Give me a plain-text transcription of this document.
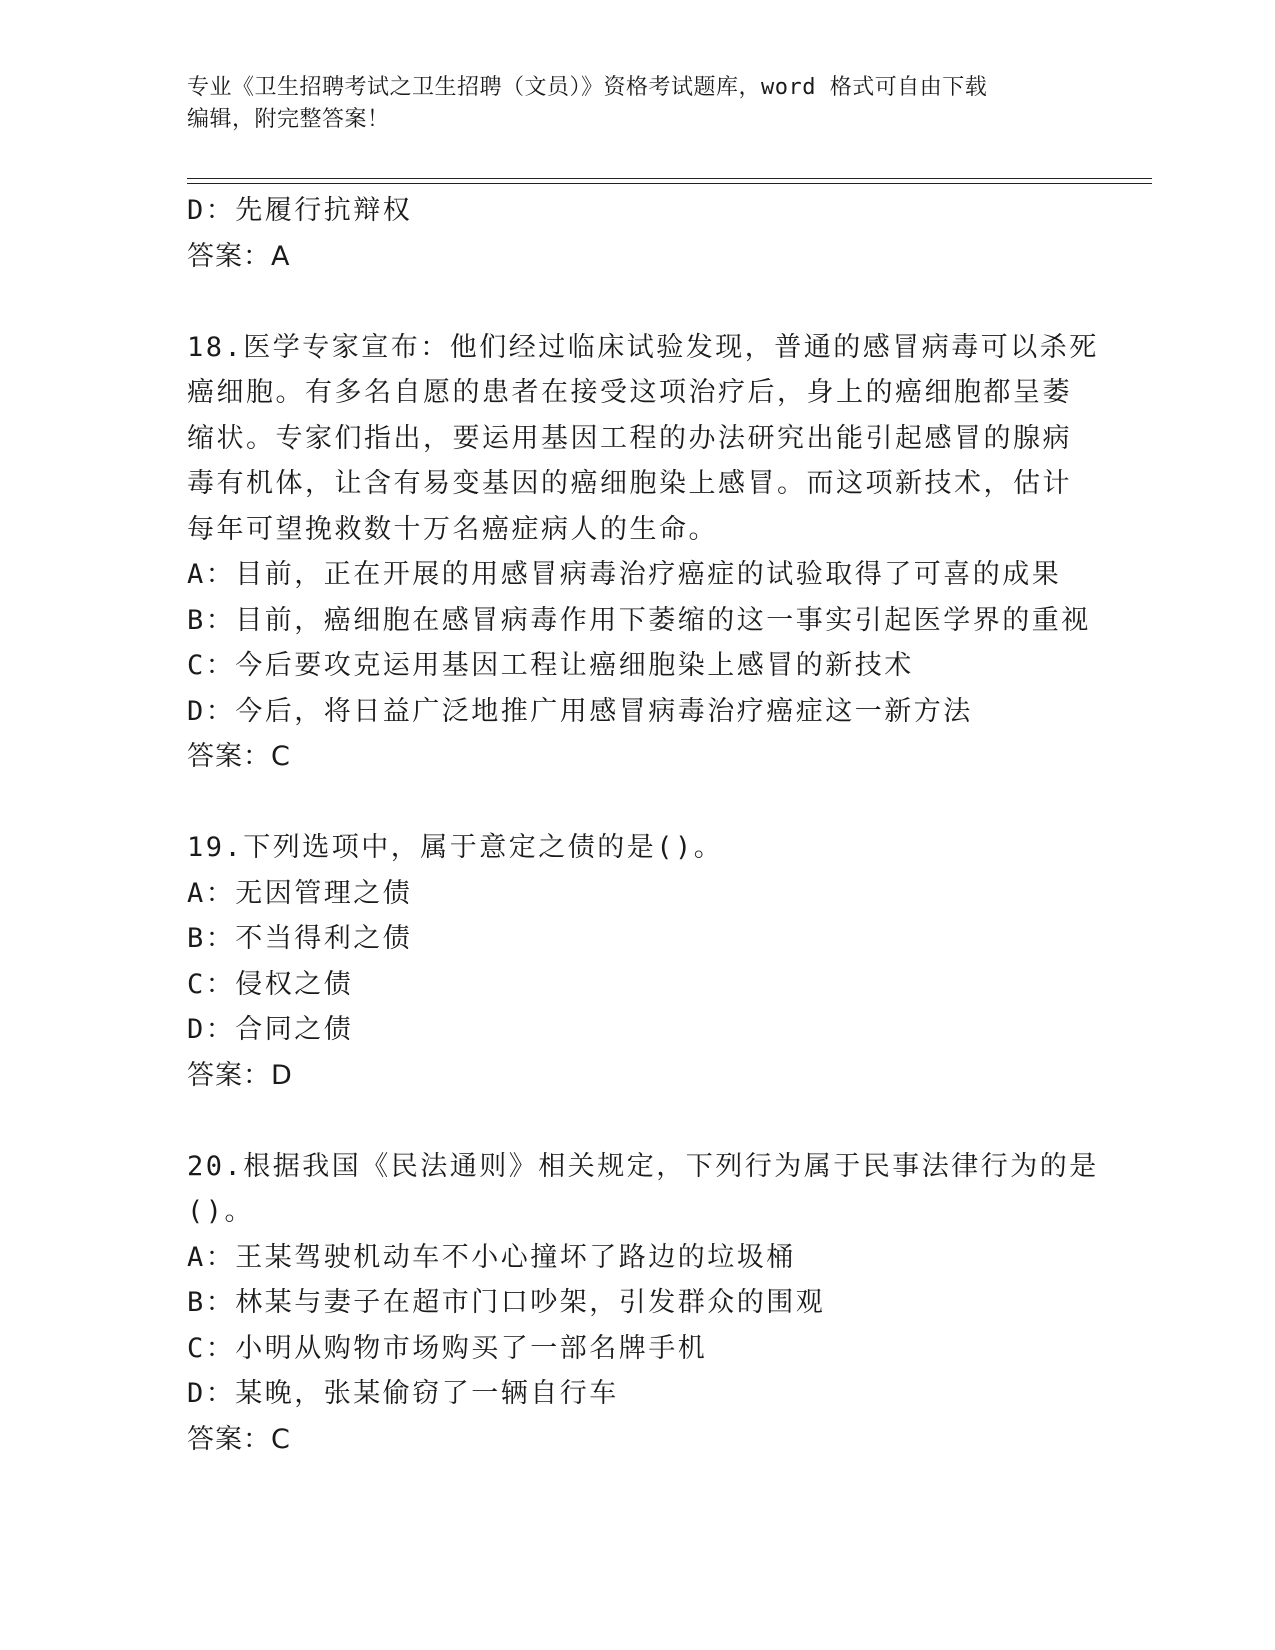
专业《卫生招聘考试之卫生招聘（文员）》资格考试题库，word 格式可自由下载
编辑，附完整答案！
D：先履行抗辩权
答案：A
18.医学专家宣布：他们经过临床试验发现，普通的感冒病毒可以杀死
癌细胞。有多名自愿的患者在接受这项治疗后，身上的癌细胞都呈萎
缩状。专家们指出，要运用基因工程的办法研究出能引起感冒的腺病
毒有机体，让含有易变基因的癌细胞染上感冒。而这项新技术，估计
每年可望挽救数十万名癌症病人的生命。
A：目前，正在开展的用感冒病毒治疗癌症的试验取得了可喜的成果
B：目前，癌细胞在感冒病毒作用下萎缩的这一事实引起医学界的重视
C：今后要攻克运用基因工程让癌细胞染上感冒的新技术
D：今后，将日益广泛地推广用感冒病毒治疗癌症这一新方法
答案：C
19.下列选项中，属于意定之债的是()。
A：无因管理之债
B：不当得利之债
C：侵权之债
D：合同之债
答案：D
20.根据我国《民法通则》相关规定，下列行为属于民事法律行为的是
()。
A：王某驾驶机动车不小心撞坏了路边的垃圾桶
B：林某与妻子在超市门口吵架，引发群众的围观
C：小明从购物市场购买了一部名牌手机
D：某晚，张某偷窃了一辆自行车
答案：C
